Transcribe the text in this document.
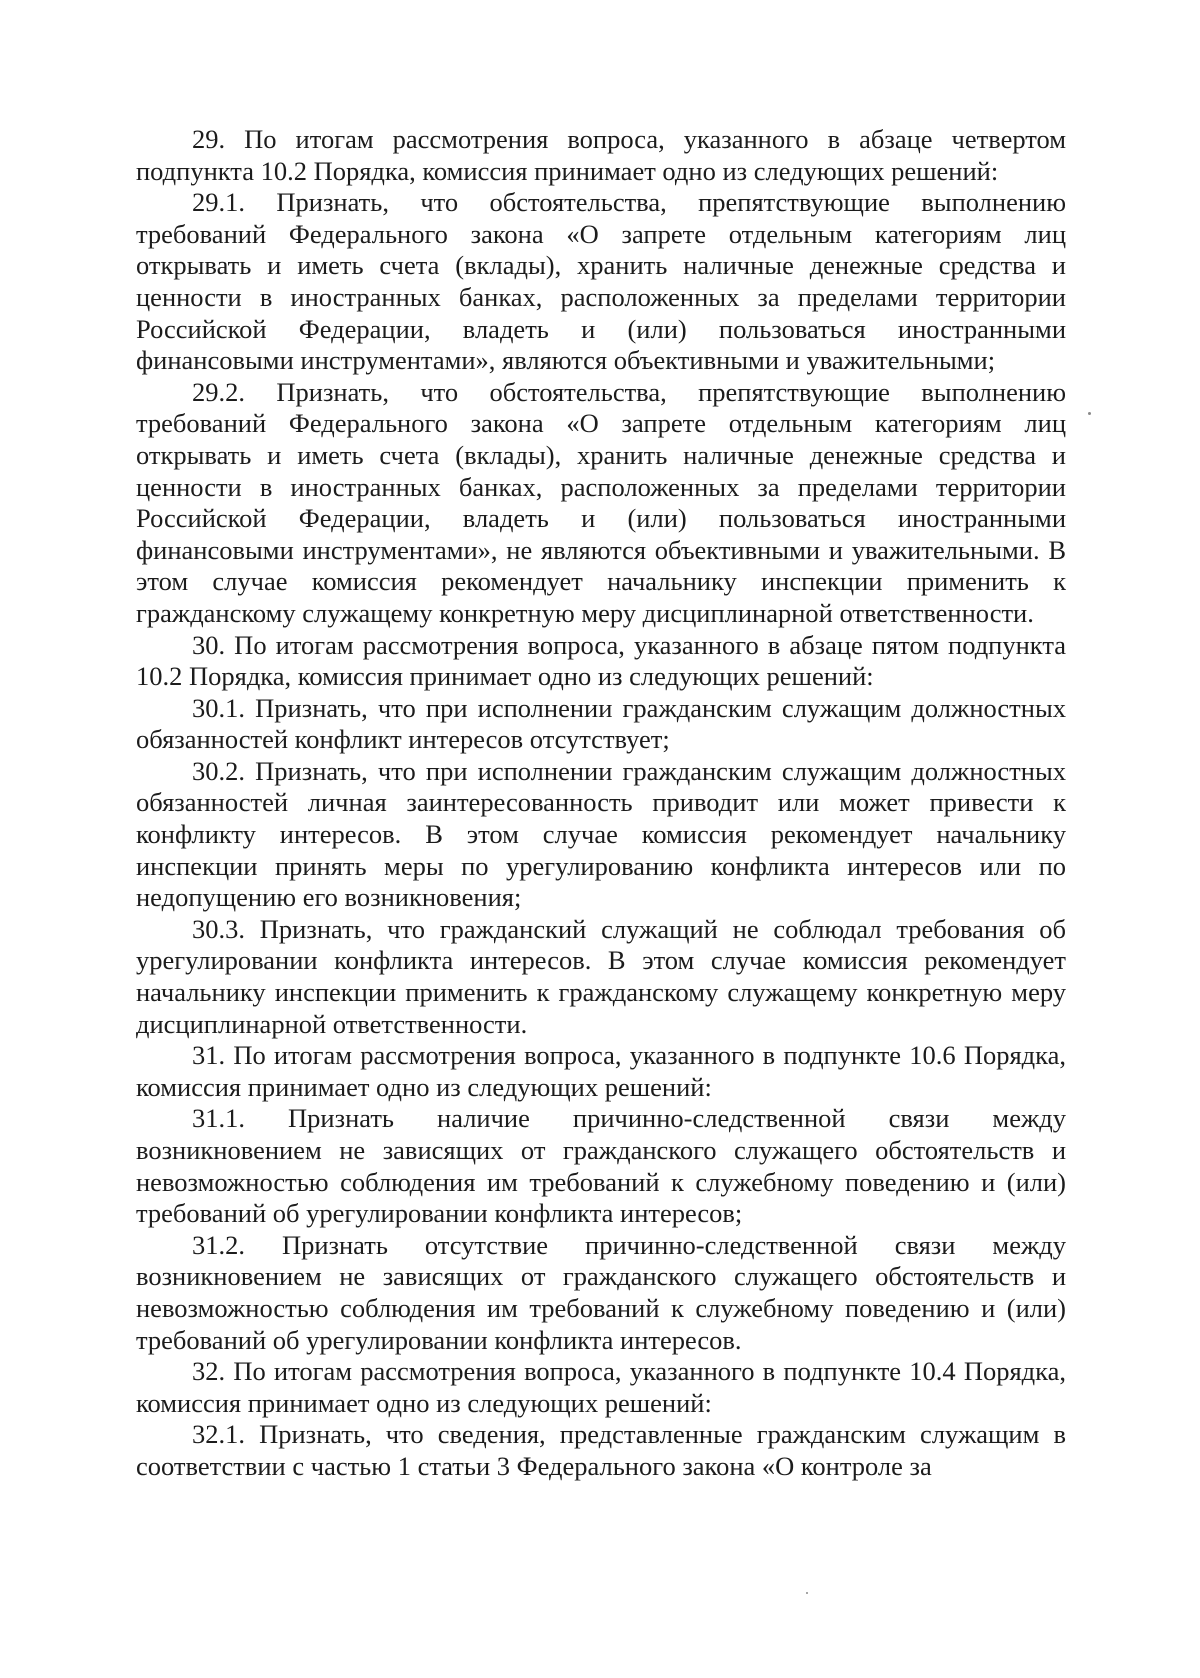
29. По итогам рассмотрения вопроса, указанного в абзаце четвертом подпункта 10.2 Порядка, комиссия принимает одно из следующих решений:

29.1. Признать, что обстоятельства, препятствующие выполнению требований Федерального закона «О запрете отдельным категориям лиц открывать и иметь счета (вклады), хранить наличные денежные средства и ценности в иностранных банках, расположенных за пределами территории Российской Федерации, владеть и (или) пользоваться иностранными финансовыми инструментами», являются объективными и уважительными;

29.2. Признать, что обстоятельства, препятствующие выполнению требований Федерального закона «О запрете отдельным категориям лиц открывать и иметь счета (вклады), хранить наличные денежные средства и ценности в иностранных банках, расположенных за пределами территории Российской Федерации, владеть и (или) пользоваться иностранными финансовыми инструментами», не являются объективными и уважительными. В этом случае комиссия рекомендует начальнику инспекции применить к гражданскому служащему конкретную меру дисциплинарной ответственности.

30. По итогам рассмотрения вопроса, указанного в абзаце пятом подпункта 10.2 Порядка, комиссия принимает одно из следующих решений:

30.1. Признать, что при исполнении гражданским служащим должностных обязанностей конфликт интересов отсутствует;

30.2. Признать, что при исполнении гражданским служащим должностных обязанностей личная заинтересованность приводит или может привести к конфликту интересов. В этом случае комиссия рекомендует начальнику инспекции принять меры по урегулированию конфликта интересов или по недопущению его возникновения;

30.3. Признать, что гражданский служащий не соблюдал требования об урегулировании конфликта интересов. В этом случае комиссия рекомендует начальнику инспекции применить к гражданскому служащему конкретную меру дисциплинарной ответственности.

31. По итогам рассмотрения вопроса, указанного в подпункте 10.6 Порядка, комиссия принимает одно из следующих решений:

31.1. Признать наличие причинно-следственной связи между возникновением не зависящих от гражданского служащего обстоятельств и невозможностью соблюдения им требований к служебному поведению и (или) требований об урегулировании конфликта интересов;

31.2. Признать отсутствие причинно-следственной связи между возникновением не зависящих от гражданского служащего обстоятельств и невозможностью соблюдения им требований к служебному поведению и (или) требований об урегулировании конфликта интересов.

32. По итогам рассмотрения вопроса, указанного в подпункте 10.4 Порядка, комиссия принимает одно из следующих решений:

32.1. Признать, что сведения, представленные гражданским служащим в соответствии с частью 1 статьи 3 Федерального закона «О контроле за
